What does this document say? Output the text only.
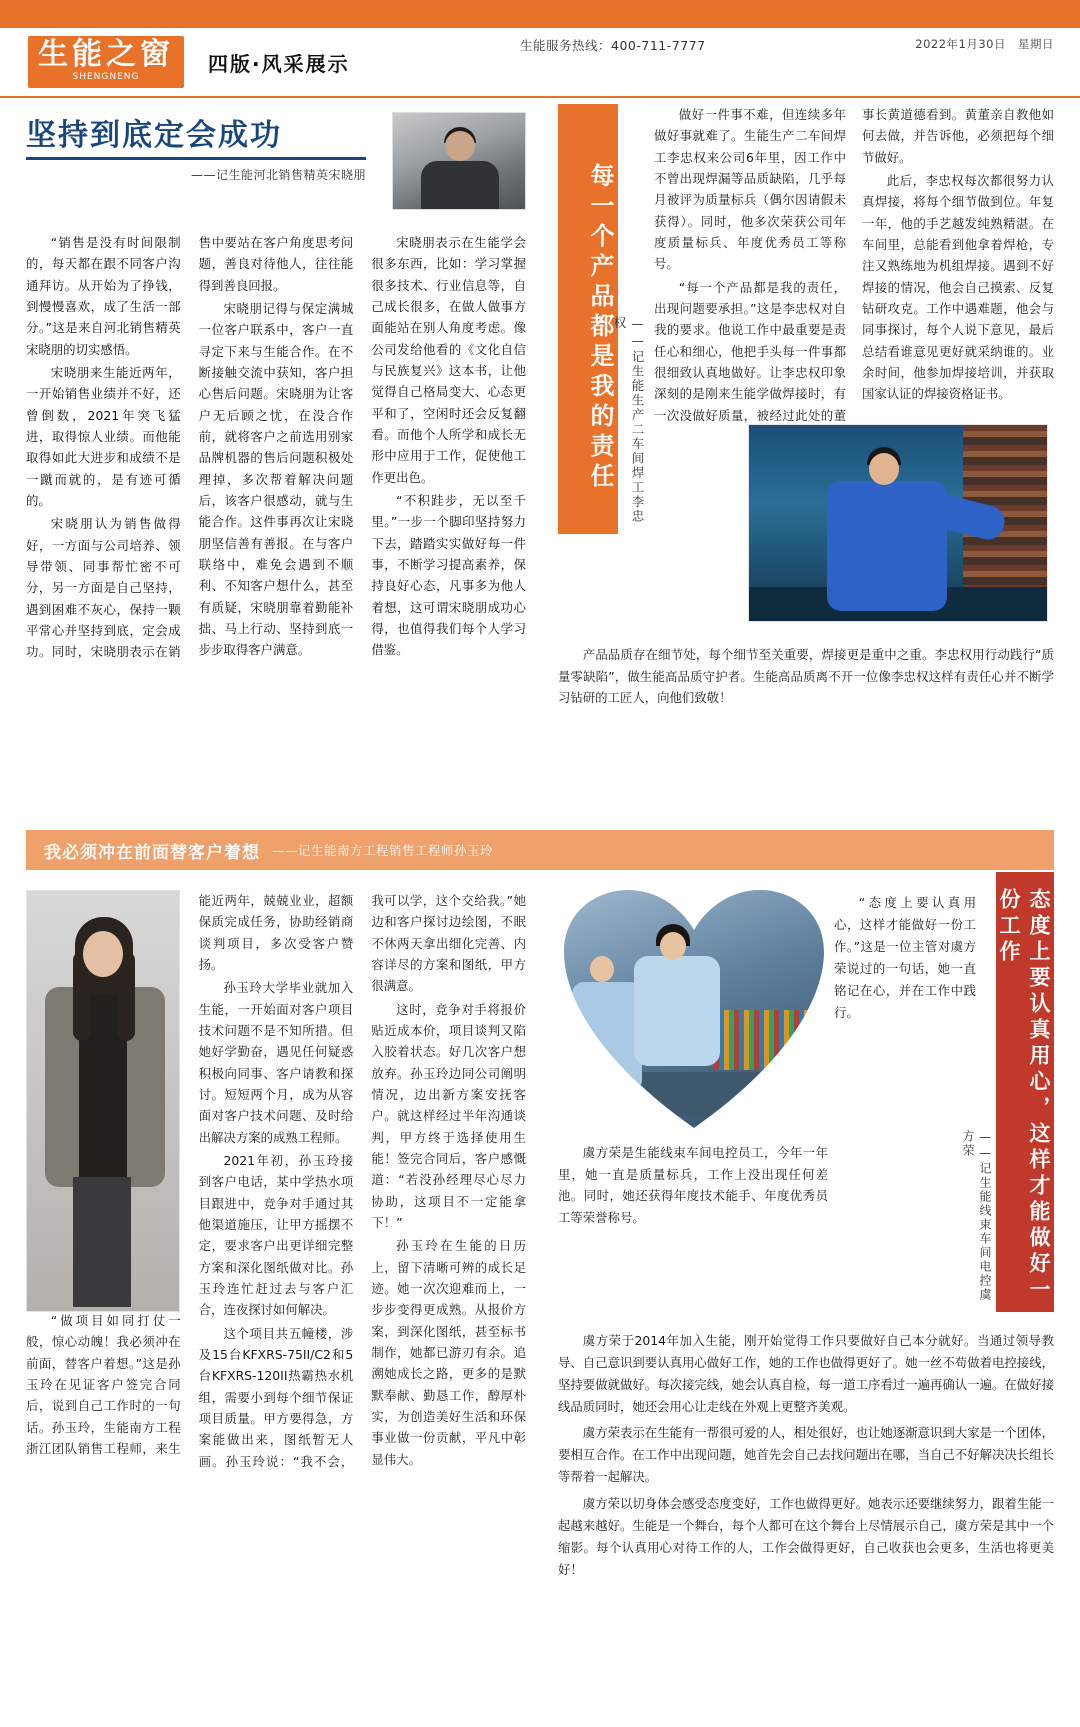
生能之窗
SHENGNENG
四版·风采展示
生能服务热线：400-711-7777	2022年1月30日　星期日
坚持到底定会成功
——记生能河北销售精英宋晓朋

“销售是没有时间限制的，每天都在跟不同客户沟通拜访。从开始为了挣钱，到慢慢喜欢，成了生活一部分。”这是来自河北销售精英宋晓朋的切实感悟。

宋晓朋来生能近两年，一开始销售业绩并不好，还曾倒数，2021年突飞猛进，取得惊人业绩。而他能取得如此大进步和成绩不是一蹴而就的，是有迹可循的。

宋晓朋认为销售做得好，一方面与公司培养、领导带领、同事帮忙密不可分，另一方面是自己坚持，遇到困难不灰心，保持一颗平常心并坚持到底，定会成功。同时，宋晓朋表示在销售中要站在客户角度思考问题，善良对待他人，往往能得到善良回报。

宋晓朋记得与保定满城一位客户联系中，客户一直寻定下来与生能合作。在不断接触交流中获知，客户担心售后问题。宋晓朋为让客户无后顾之忧，在没合作前，就将客户之前选用别家品牌机器的售后问题积极处理掉，多次帮着解决问题后，该客户很感动，就与生能合作。这件事再次让宋晓朋坚信善有善报。在与客户联络中，难免会遇到不顺利、不知客户想什么，甚至有质疑，宋晓朋靠着勤能补拙、马上行动、坚持到底一步步取得客户满意。

宋晓朋表示在生能学会很多东西，比如：学习掌握很多技术、行业信息等，自己成长很多，在做人做事方面能站在别人角度考虑。像公司发给他看的《文化自信与民族复兴》这本书，让他觉得自己格局变大、心态更平和了，空闲时还会反复翻看。而他个人所学和成长无形中应用于工作，促使他工作更出色。

“不积跬步，无以至千里。”一步一个脚印坚持努力下去，踏踏实实做好每一件事，不断学习提高素养，保持良好心态，凡事多为他人着想，这可谓宋晓朋成功心得，也值得我们每个人学习借鉴。

“做项目如同打仗一般，惊心动魄！我必须冲在前面，替客户着想。”这是孙玉玲在见证客户签完合同后，说到自己工作时的一句话。孙玉玲，生能南方工程浙江团队销售工程师，来生能近两年，兢兢业业，超额保质完成任务，协助经销商谈判项目，多次受客户赞扬。

孙玉玲大学毕业就加入生能，一开始面对客户项目技术问题不是不知所措。但她好学勤奋，遇见任何疑惑积极向同事、客户请教和探讨。短短两个月，成为从容面对客户技术问题、及时给出解决方案的成熟工程师。

2021年初，孙玉玲接到客户电话，某中学热水项目跟进中，竞争对手通过其他渠道施压，让甲方摇摆不定，要求客户出更详细完整方案和深化图纸做对比。孙玉玲连忙赶过去与客户汇合，连夜探讨如何解决。

这个项目共五幢楼，涉及15台KFXRS-75II/C2和5台KFXRS-120II热霸热水机组，需要小到每个细节保证项目质量。甲方要得急，方案能做出来，图纸暂无人画。孙玉玲说：“我不会，我可以学，这个交给我。”她边和客户探讨边绘图，不眠不休两天拿出细化完善、内容详尽的方案和图纸，甲方很满意。

这时，竞争对手将报价贴近成本价，项目谈判又陷入胶着状态。好几次客户想放弃。孙玉玲边同公司阐明情况，边出新方案安抚客户。就这样经过半年沟通谈判，甲方终于选择使用生能！签完合同后，客户感慨道：“若没孙经理尽心尽力协助，这项目不一定能拿下！”

孙玉玲在生能的日历上，留下清晰可辨的成长足迹。她一次次迎难而上，一步步变得更成熟。从报价方案，到深化图纸，甚至标书制作，她都已游刃有余。追溯她成长之路，更多的是默默奉献、勤恳工作，醇厚朴实，为创造美好生活和环保事业做一份贡献，平凡中彰显伟大。

每一个产品都是我的责任	——记生能生产二车间焊工李忠权

做好一件事不难，但连续多年做好事就难了。生能生产二车间焊工李忠权来公司6年里，因工作中不曾出现焊漏等品质缺陷，几乎每月被评为质量标兵（偶尔因请假未获得）。同时，他多次荣获公司年度质量标兵、年度优秀员工等称号。

“每一个产品都是我的责任，出现问题要承担。”这是李忠权对自我的要求。他说工作中最重要是责任心和细心，他把手头每一件事都很细致认真地做好。让李忠权印象深刻的是刚来生能学做焊接时，有一次没做好质量，被经过此处的董事长黄道德看到。黄董亲自教他如何去做，并告诉他，必须把每个细节做好。

此后，李忠权每次都很努力认真焊接，将每个细节做到位。年复一年，他的手艺越发纯熟精湛。在车间里，总能看到他拿着焊枪，专注又熟练地为机组焊接。遇到不好焊接的情况，他会自己摸索、反复钻研攻克。工作中遇难题，他会与同事探讨，每个人说下意见，最后总结看谁意见更好就采纳谁的。业余时间，他参加焊接培训，并获取国家认证的焊接资格证书。

产品品质存在细节处，每个细节至关重要，焊接更是重中之重。李忠权用行动践行“质量零缺陷”，做生能高品质守护者。生能高品质离不开一位像李忠权这样有责任心并不断学习钻研的工匠人，向他们致敬！

态度上要认真用心，这样才能做好一份工作
——记生能线束车间电控虞方荣

“态度上要认真用心，这样才能做好一份工作。”这是一位主管对虞方荣说过的一句话，她一直铭记在心，并在工作中践行。

虞方荣是生能线束车间电控员工，今年一年里，她一直是质量标兵，工作上没出现任何差池。同时，她还获得年度技术能手、年度优秀员工等荣誉称号。

虞方荣于2014年加入生能，刚开始觉得工作只要做好自己本分就好。当通过领导教导、自己意识到要认真用心做好工作，她的工作也做得更好了。她一丝不苟做着电控接线，坚持要做就做好。每次接完线，她会认真自检，每一道工序看过一遍再确认一遍。在做好接线品质同时，她还会用心让走线在外观上更整齐美观。

虞方荣表示在生能有一帮很可爱的人，相处很好，也让她逐渐意识到大家是一个团体，要相互合作。在工作中出现问题，她首先会自己去找问题出在哪，当自己不好解决决长组长等帮着一起解决。

虞方荣以切身体会感受态度变好，工作也做得更好。她表示还要继续努力，跟着生能一起越来越好。生能是一个舞台，每个人都可在这个舞台上尽情展示自己，虞方荣是其中一个缩影。每个认真用心对待工作的人，工作会做得更好，自己收获也会更多，生活也将更美好！

我必须冲在前面替客户着想 ——记生能南方工程销售工程师孙玉玲
